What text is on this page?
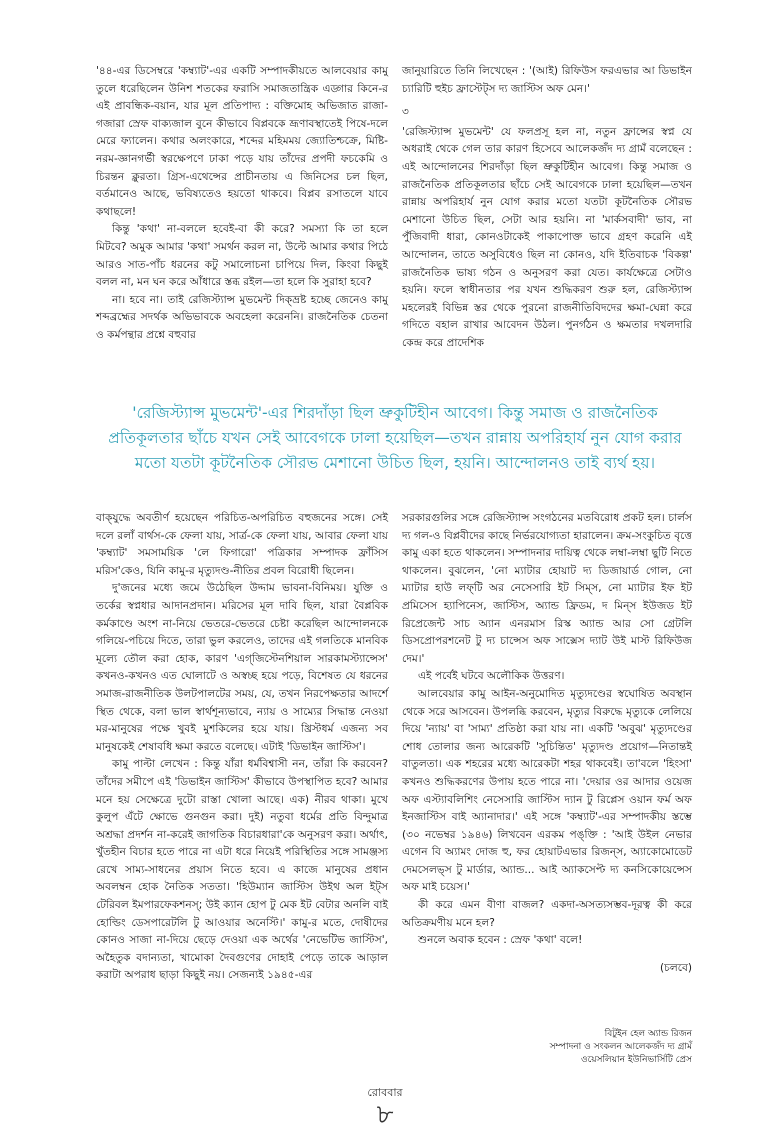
'৪৪-এর ডিসেম্বরে 'কম্ব্যাট'-এর একটি সম্পাদকীয়তে আলবেয়ার কামু তুলে ধরেছিলেন উনিশ শতকের ফরাসি সমাজতান্ত্রিক এড্গার কিনে-র এই প্রাবন্ধিক-বয়ান, যার মূল প্রতিপাদ্য : বক্তিমোহ অভিজাত রাজা-গজারা স্রেফ বাক্যজাল বুনে কীভাবে বিপ্লবকে ভ্রূণাবস্থাতেই পিষে-দলে মেরে ফ্যালেন। কথার অলংকারে, শব্দের মহিমময় জ্যোতিশ্চক্রে, মিষ্টি-নরম-জ্ঞানগর্ভী স্বরক্ষেপণে ঢাকা পড়ে যায় তাঁদের প্রপদী ফচকেমি ও চিরন্তন ক্লুরতা। গ্রিস-এথেন্সের প্রাচীনতায় এ জিনিসের চল ছিল, বর্তমানেও আছে, ভবিষ্যতেও হয়তো থাকবে। বিপ্লব রসাতলে যাবে কথাছলে!

কিন্তু 'কথা' না-বললে হবেই-বা কী করে? সমস্যা কি তা হলে মিটবে? অমুক আমার 'কথা' সমর্থন করল না, উল্টে আমার কথার পিঠে আরও সাত-পাঁচ ধরনের কটু সমালোচনা চাপিয়ে দিল, কিংবা কিছুই বলল না, মন ঘন করে আঁধারে স্তব্ধ রইল—তা হলে কি সুরাহা হবে?

না। হবে না। তাই রেজিস্ট্যান্স মুভমেন্ট দিক্‌ভ্রষ্ট হচ্ছে জেনেও কামু শব্দব্রহ্মের সদর্থক অভিভাবকে অবহেলা করেননি। রাজনৈতিক চেতনা ও কর্মপন্থার প্রশ্নে বহুবার

জানুয়ারিতে তিনি লিখেছেন : '(আই) রিফিউস ফরএভার আ ডিভাইন চ্যারিটি হুইচ ফ্রাস্টেট্‌স দ্য জাস্টিস অফ মেন।'

৩

'রেজিস্ট্যান্স মুভমেন্ট' যে ফলপ্রসূ হল না, নতুন ফ্রান্সের স্বপ্ন যে অধরাই থেকে গেল তার কারণ হিসেবে আলেকজঁদ দ্য গ্রামঁ বলেছেন : এই আন্দোলনের শিরদাঁড়া ছিল ভ্রুকুটিহীন আবেগ। কিন্তু সমাজ ও রাজনৈতিক প্রতিকূলতার ছাঁচে সেই আবেগকে ঢালা হয়েছিল—তখন রান্নায় অপরিহার্য নুন যোগ করার মতো যতটা কূটনৈতিক সৌরভ মেশানো উচিত ছিল, সেটা আর হয়নি। না 'মার্কসবাদী' ভাব, না পুঁজিবাদী ধারা, কোনওটাকেই পাকাপোক্ত ভাবে গ্রহণ করেনি এই আন্দোলন, তাতে অসুবিধেও ছিল না কোনও, যদি ইতিবাচক 'বিকল্প' রাজনৈতিক ভাষ্য গঠন ও অনুসরণ করা যেত। কার্যক্ষেত্রে সেটাও হয়নি। ফলে স্বাধীনতার পর যখন শুদ্ধিকরণ শুরু হল, রেজিস্ট্যান্স মহলেরই বিভিন্ন স্তর থেকে পুরনো রাজনীতিবিদদের ক্ষমা-ঘেন্না করে গদিতে বহাল রাখার আবেদন উঠল। পুনর্গঠন ও ক্ষমতার দখলদারি কেন্দ্র করে প্রাদেশিক

'রেজিস্ট্যান্স মুভমেন্ট'-এর শিরদাঁড়া ছিল ভ্রুকুটিহীন আবেগ। কিন্তু সমাজ ও রাজনৈতিক প্রতিকূলতার ছাঁচে যখন সেই আবেগকে ঢালা হয়েছিল—তখন রান্নায় অপরিহার্য নুন যোগ করার মতো যতটা কূটনৈতিক সৌরভ মেশানো উচিত ছিল, হয়নি। আন্দোলনও তাই ব্যর্থ হয়।

বাক্‌যুদ্ধে অবতীর্ণ হয়েছেন পরিচিত-অপরিচিত বহুজনের সঙ্গে। সেই দলে রলাঁ বার্থস-কে ফেলা যায়, সার্ত্র-কে ফেলা যায়, আবার ফেলা যায় 'কম্ব্যাট' সমসাময়িক 'লে ফিগারো' পত্রিকার সম্পাদক ফ্রাঁসিস মরিস'কেও, যিনি কামু-র মৃত্যুদণ্ড-নীতির প্রবল বিরোধী ছিলেন।

দু'জনের মধ্যে জমে উঠেছিল উদ্দাম ভাবনা-বিনিময়। যুক্তি ও তর্কের স্বপ্নধার আদানপ্রদান। মরিসের মূল দাবি ছিল, যারা বৈপ্লবিক কর্মকাণ্ডে অংশ না-নিয়ে ভেতরে-ভেতরে চেষ্টা করেছিল আন্দোলনকে গলিয়ে-পচিয়ে দিতে, তারা ভুল করলেও, তাদের এই গলতিকে মানবিক মূল্যে তৌল করা হোক, কারণ 'এগ্‌জিস্টেনশিয়াল সারকামস্ট্যান্সেস' কখনও-কখনও এত ঘোলাটে ও অস্বচ্ছ হয়ে পড়ে, বিশেষত যে ধরনের সমাজ-রাজনীতিক উলটপালটের সময়, যে, তখন নিরপেক্ষতার আদর্শে স্থিত থেকে, বলা ভাল স্বার্থশূন্যভাবে, ন্যায় ও সাম্যের সিদ্ধান্ত নেওয়া মর-মানুষের পক্ষে খুবই মুশকিলের হয়ে যায়। খ্রিস্টধর্ম এজন্য সব মানুষকেই শেষাবধি ক্ষমা করতে বলেছে। এটাই 'ডিভাইন জাস্টিস'।

কামু পাল্টা লেখেন : কিন্তু যাঁরা ধর্মবিশ্বাসী নন, তাঁরা কি করবেন? তাঁদের সমীপে এই 'ডিভাইন জাস্টিস' কীভাবে উপস্থাপিত হবে? আমার মনে হয় সেক্ষেত্রে দুটো রাস্তা খোলা আছে। এক) নীরব থাকা। মুখে কুলুপ এঁটে ক্ষোভে গুনগুন করা। দুই) নতুবা ধর্মের প্রতি বিন্দুমাত্র অশ্রদ্ধা প্রদর্শন না-করেই জাগতিক বিচারধারা'কে অনুসরণ করা। অর্থাৎ, খুঁতহীন বিচার হতে পারে না এটা ধরে নিয়েই পরিস্থিতির সঙ্গে সামঞ্জস্য রেখে সাম্য-সাধনের প্রয়াস নিতে হবে। এ কাজে মানুষের প্রধান অবলম্বন হোক নৈতিক সততা। 'হিউম্যান জাস্টিস উইথ অল ইট্‌স টেরিবল ইমপারফেকশনস্‌; উই ক্যান হোপ টু মেক ইট বেটার অনলি বাই হোল্ডিং ডেসপারেটলি টু আওয়ার অনেস্টি।' কামু-র মতে, দোষীদের কোনও সাজা না-দিয়ে ছেড়ে দেওয়া এক অর্থের 'নেভেটিভ জাস্টিস', অহৈতুক বদান্যতা, খামোকা দৈবগুণের দোহাই পেড়ে তাকে আড়াল করাটা অপরাধ ছাড়া কিছুই নয়। সেজন্যই ১৯৪৫-এর

সরকারগুলির সঙ্গে রেজিস্ট্যান্স সংগঠনের মতবিরোধ প্রকট হল। চার্লস দ্য গল-ও বিপ্লবীদের কাছে নির্ভরযোগ্যতা হারালেন। ক্রম-সংকুচিত বৃত্তে কামু একা হতে থাকলেন। সম্পাদনার দায়িত্ব থেকে লম্বা-লম্বা ছুটি নিতে থাকলেন। বুঝলেন, 'নো ম্যাটার হোয়াট দ্য ডিজায়ার্ড গোল, নো ম্যাটার হাউ লফ্‌টি অর নেসেসারি ইট সিম্‌স, নো ম্যাটার ইফ ইট প্রমিসেস হ্যাপিনেস, জাস্টিস, অ্যান্ড ফ্রিডম, দ মিন্‌স ইউজড ইট রিপ্রেজেন্ট সাচ অ্যান এনরমাস রিস্ক অ্যান্ড আর সো গ্রেটলি ডিসপ্রোপরশনেট টু দ্য চান্সেস অফ সাক্সেস দ্যাট উই মাস্ট রিফিউজ দেম।'

এই পর্বেই ঘটবে অলৌকিক উত্তরণ।

আলবেয়ার কামু আইন-অনুমোদিত মৃত্যুদণ্ডের স্বঘোষিত অবস্থান থেকে সরে আসবেন। উপলব্ধি করবেন, মৃত্যুর বিরুদ্ধে মৃত্যুকে লেলিয়ে দিয়ে 'ন্যায়' বা 'সাম্য' প্রতিষ্ঠা করা যায় না। একটি 'অবুঝ' মৃত্যুদণ্ডের শোধ তোলার জন্য আরেকটি 'সুচিন্তিত' মৃত্যুদণ্ড প্রয়োগ—নিতান্তই বাতুলতা। এক শহরের মধ্যে আরেকটা শহর থাকবেই। তা'বলে 'হিংসা' কখনও শুদ্ধিকরণের উপায় হতে পারে না। 'দেয়ার ওর আদার ওয়েজ অফ এস্ট্যাবলিশিং নেসেসারি জাস্টিস দ্যান টু রিপ্লেস ওয়ান ফর্ম অফ ইনজাস্টিস বাই অ্যানাদার।' এই সঙ্গে 'কম্ব্যাট'-এর সম্পাদকীয় স্তম্ভে (৩০ নভেম্বর ১৯৪৬) লিখবেন এরকম পঙ্‌ক্তি : 'আই উইল নেভার এগেন বি অ্যামং দোজ হু, ফর হোয়াটএভার রিজন্‌স, অ্যাকোমোডেট দেমসেলভ্‌স টু মার্ডার, অ্যান্ড... আই অ্যাকসেপ্ট দ্য কনসিকোয়েন্সেস অফ মাই চয়েস।'

কী করে এমন বীণা বাজল? একদা-অসত্যসম্ভব-দূরত্ব কী করে অতিক্রমণীয় মনে হল?

শুনলে অবাক হবেন : স্রেফ 'কথা' বলে!

(চলবে)

বিটুইন হেল অ্যান্ড রিজন
সম্পাদনা ও সংকলন আলেকজঁদ দ্য গ্রামঁ
ওয়েসলিয়ান ইউনিভার্সিটি প্রেস
রোববার
৮
